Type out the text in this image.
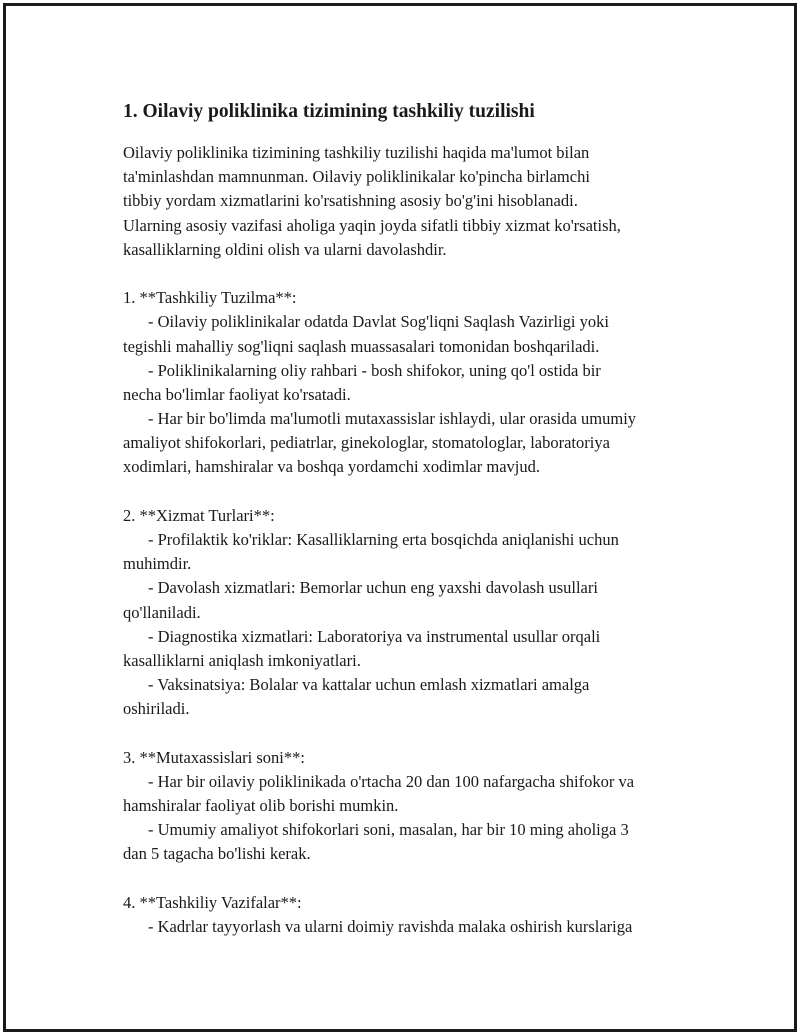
1. Oilaviy poliklinika tizimining tashkiliy tuzilishi
Oilaviy poliklinika tizimining tashkiliy tuzilishi haqida ma'lumot bilan
ta'minlashdan mamnunman. Oilaviy poliklinikalar ko'pincha birlamchi
tibbiy yordam xizmatlarini ko'rsatishning asosiy bo'g'ini hisoblanadi.
Ularning asosiy vazifasi aholiga yaqin joyda sifatli tibbiy xizmat ko'rsatish,
kasalliklarning oldini olish va ularni davolashdir.
1. **Tashkiliy Tuzilma**:
- Oilaviy poliklinikalar odatda Davlat Sog'liqni Saqlash Vazirligi yoki
tegishli mahalliy sog'liqni saqlash muassasalari tomonidan boshqariladi.
- Poliklinikalarning oliy rahbari - bosh shifokor, uning qo'l ostida bir
necha bo'limlar faoliyat ko'rsatadi.
- Har bir bo'limda ma'lumotli mutaxassislar ishlaydi, ular orasida umumiy
amaliyot shifokorlari, pediatrlar, ginekologlar, stomatologlar, laboratoriya
xodimlari, hamshiralar va boshqa yordamchi xodimlar mavjud.
2. **Xizmat Turlari**:
- Profilaktik ko'riklar: Kasalliklarning erta bosqichda aniqlanishi uchun
muhimdir.
- Davolash xizmatlari: Bemorlar uchun eng yaxshi davolash usullari
qo'llaniladi.
- Diagnostika xizmatlari: Laboratoriya va instrumental usullar orqali
kasalliklarni aniqlash imkoniyatlari.
- Vaksinatsiya: Bolalar va kattalar uchun emlash xizmatlari amalga
oshiriladi.
3. **Mutaxassislari soni**:
- Har bir oilaviy poliklinikada o'rtacha 20 dan 100 nafargacha shifokor va
hamshiralar faoliyat olib borishi mumkin.
- Umumiy amaliyot shifokorlari soni, masalan, har bir 10 ming aholiga 3
dan 5 tagacha bo'lishi kerak.
4. **Tashkiliy Vazifalar**:
- Kadrlar tayyorlash va ularni doimiy ravishda malaka oshirish kurslariga
